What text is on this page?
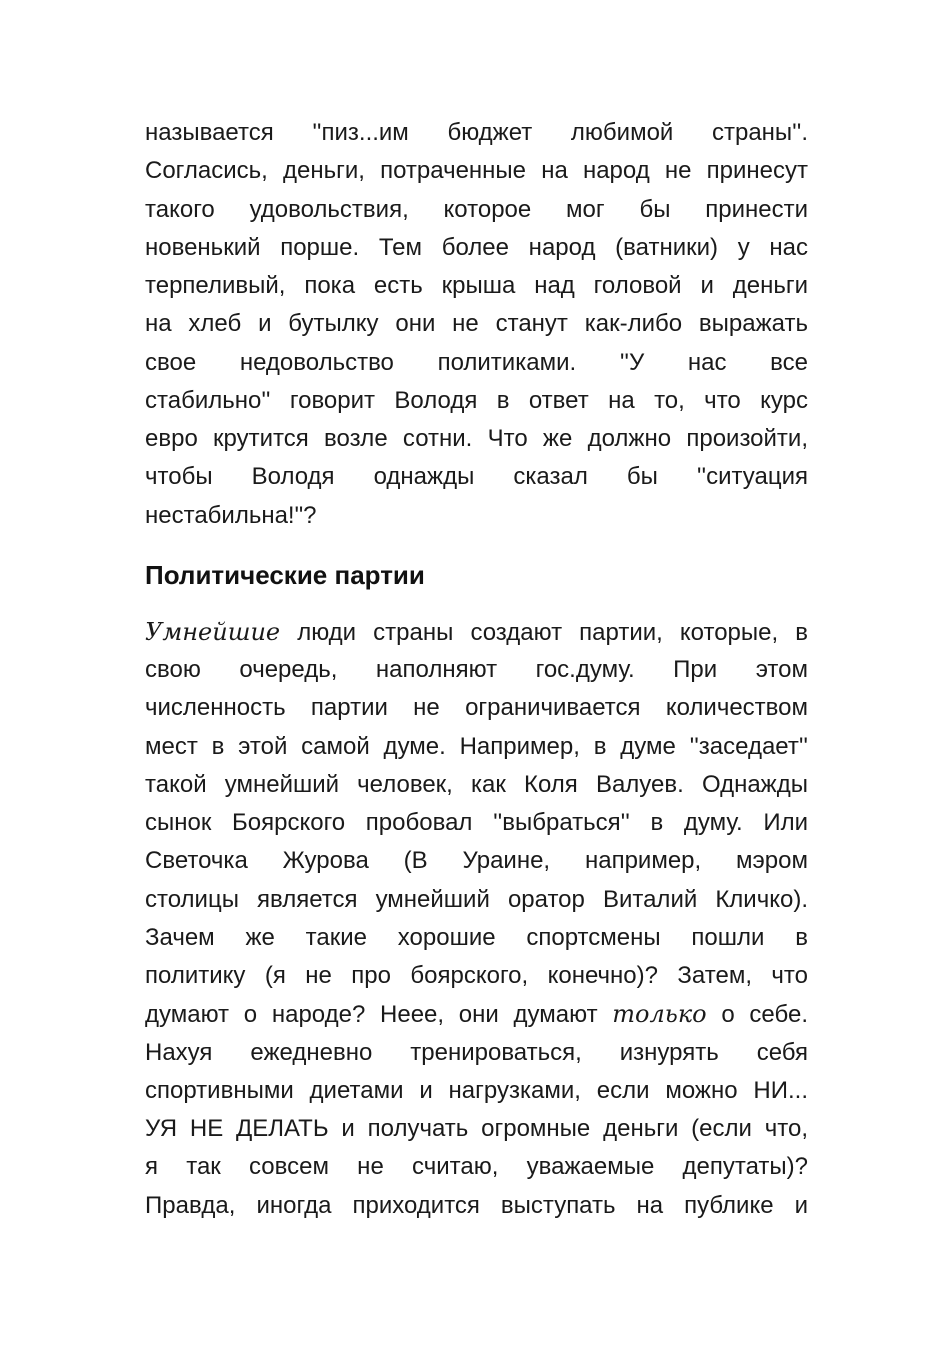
называется ''пиз...им бюджет любимой страны''.
Согласись, деньги, потраченные на народ не принесут
такого удовольствия, которое мог бы принести
новенький порше. Тем более народ (ватники) у нас
терпеливый, пока есть крыша над головой и деньги
на хлеб и бутылку они не станут как-либо выражать
свое недовольство политиками. ''У нас все
стабильно'' говорит Володя в ответ на то, что курс
евро крутится возле сотни. Что же должно произойти,
чтобы Володя однажды сказал бы ''ситуация
нестабильна!"?
Политические партии
Умнейшие люди страны создают партии, которые, в
свою очередь, наполняют гос.думу. При этом
численность партии не ограничивается количеством
мест в этой самой думе. Например, в думе ''заседает''
такой умнейший человек, как Коля Валуев. Однажды
сынок Боярского пробовал ''выбраться'' в думу. Или
Светочка Журова (В Ураине, например, мэром
столицы является умнейший оратор Виталий Кличко).
Зачем же такие хорошие спортсмены пошли в
политику (я не про боярского, конечно)? Затем, что
думают о народе? Неее, они думают только о себе.
Нахуя ежедневно тренироваться, изнурять себя
спортивными диетами и нагрузками, если можно НИ...
УЯ НЕ ДЕЛАТЬ и получать огромные деньги (если что,
я так совсем не считаю, уважаемые депутаты)?
Правда, иногда приходится выступать на публике и
